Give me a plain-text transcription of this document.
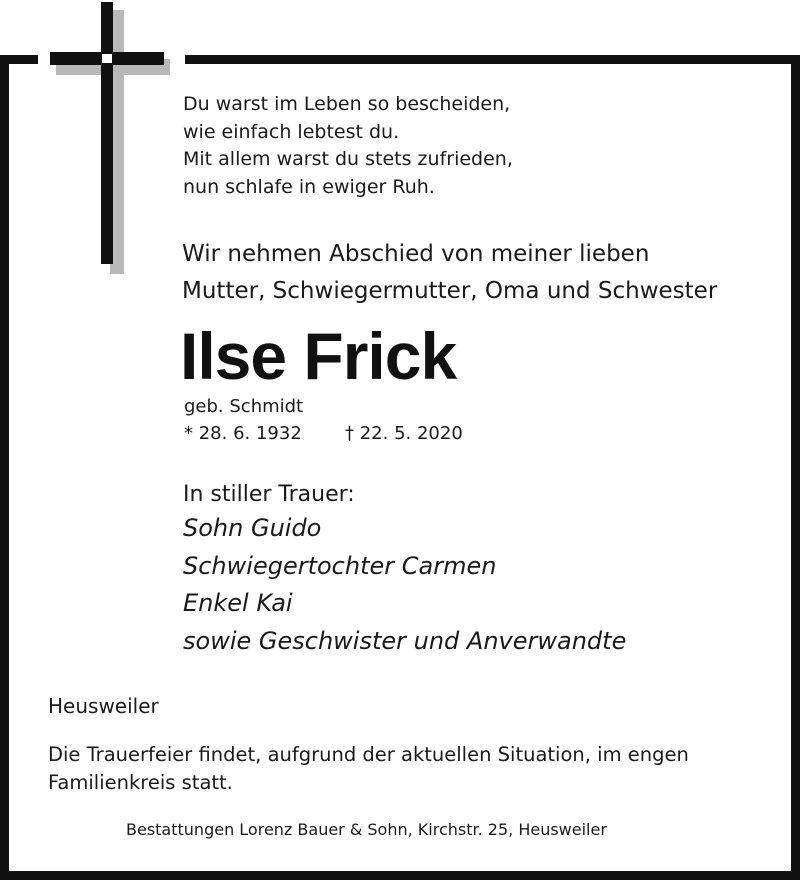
Du warst im Leben so bescheiden,
wie einfach lebtest du.
Mit allem warst du stets zufrieden,
nun schlafe in ewiger Ruh.
Wir nehmen Abschied von meiner lieben
Mutter, Schwiegermutter, Oma und Schwester
Ilse Frick
geb. Schmidt
* 28. 6. 1932 † 22. 5. 2020
In stiller Trauer:
Sohn Guido
Schwiegertochter Carmen
Enkel Kai
sowie Geschwister und Anverwandte
Heusweiler
Die Trauerfeier findet, aufgrund der aktuellen Situation, im engen
Familienkreis statt.
Bestattungen Lorenz Bauer & Sohn, Kirchstr. 25, Heusweiler
